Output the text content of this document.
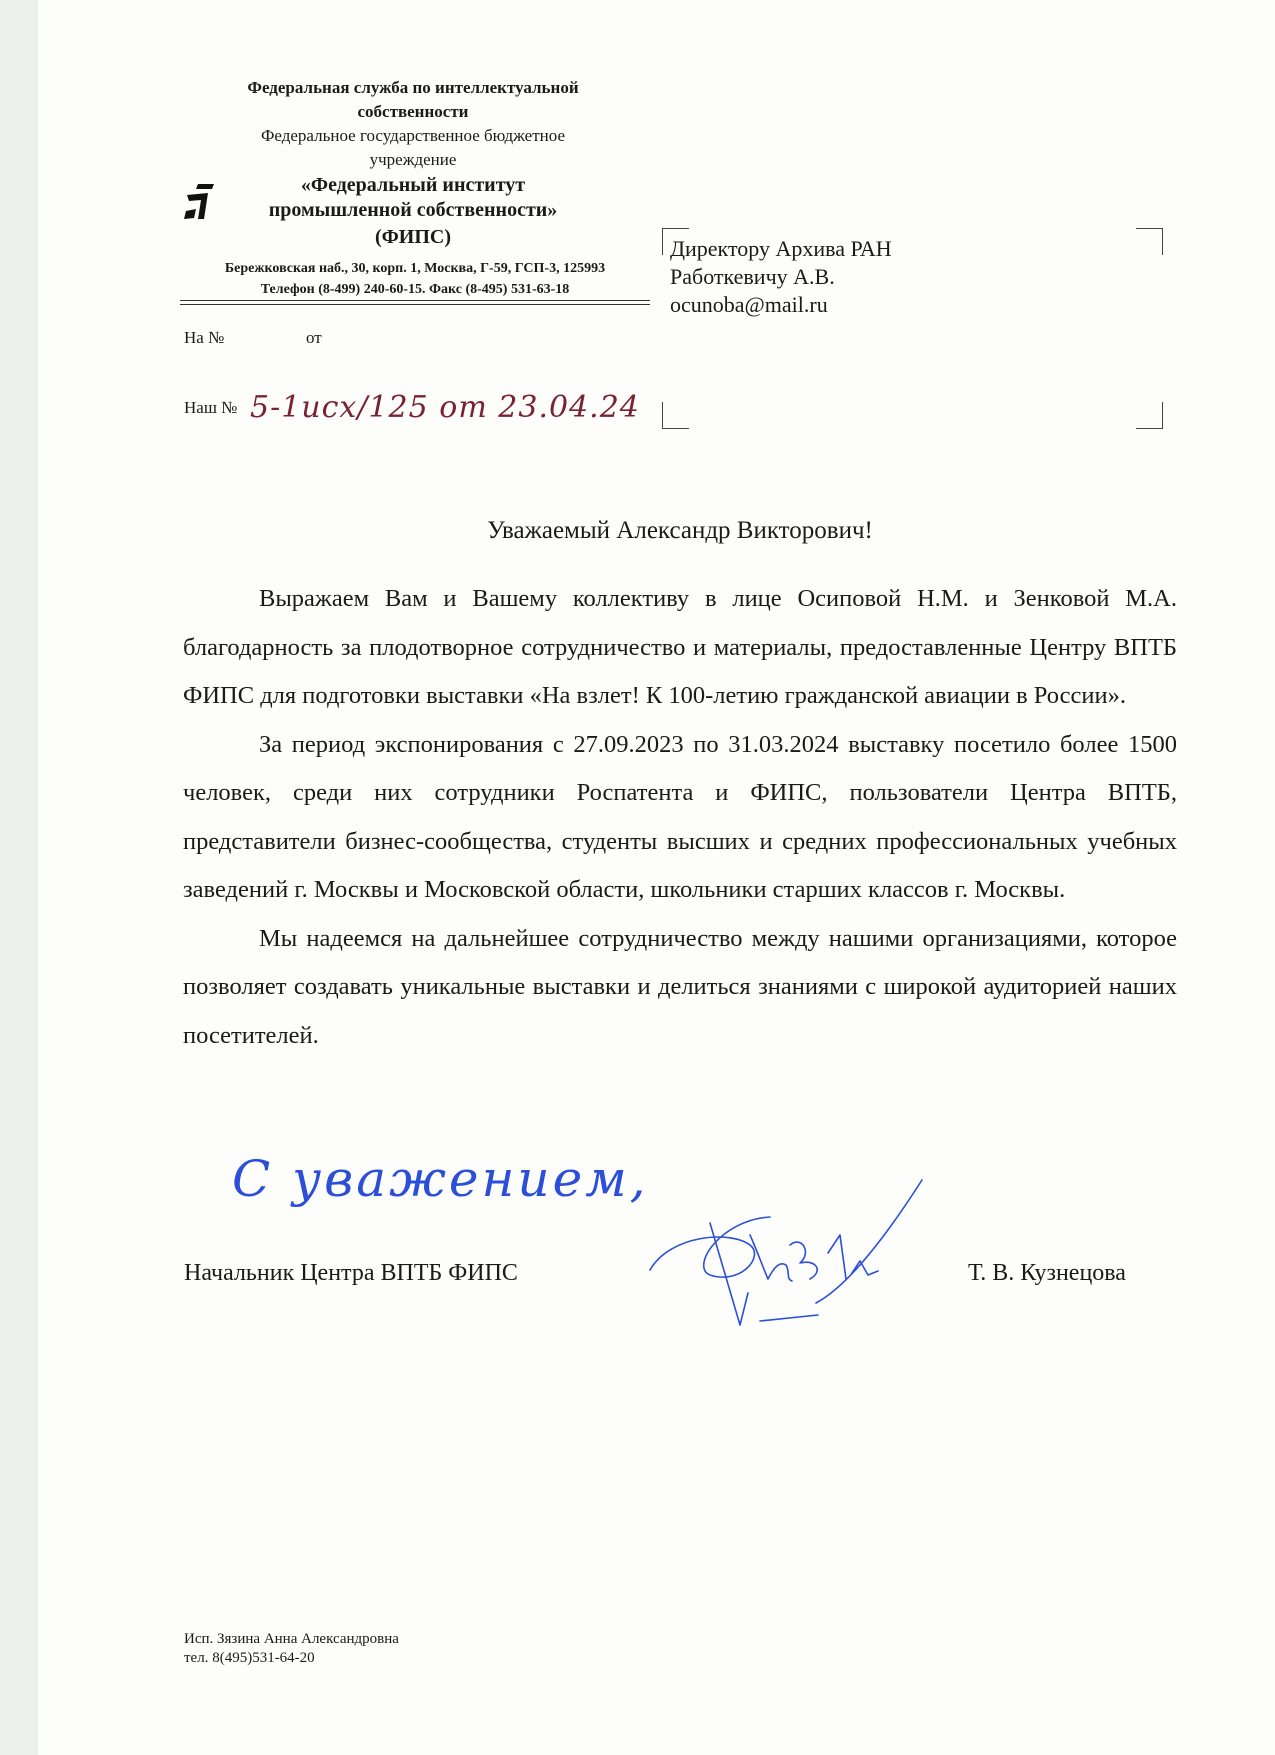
Федеральная служба по интеллектуальной
собственности
Федеральное государственное бюджетное
учреждение
«Федеральный институт
промышленной собственности»
(ФИПС)
Бережковская наб., 30, корп. 1, Москва, Г-59, ГСП-3, 125993
Телефон (8-499) 240-60-15. Факс (8-495) 531-63-18
На №	от
Наш № 5-1исх/125 от 23.04.24
Директору Архива РАН
Работкевичу А.В.
ocunoba@mail.ru
Уважаемый Александр Викторович!

Выражаем Вам и Вашему коллективу в лице Осиповой Н.М. и Зенковой М.А. благодарность за плодотворное сотрудничество и материалы, предоставленные Центру ВПТБ ФИПС для подготовки выставки «На взлет! К 100-летию гражданской авиации в России».

За период экспонирования с 27.09.2023 по 31.03.2024 выставку посетило более 1500 человек, среди них сотрудники Роспатента и ФИПС, пользователи Центра ВПТБ, представители бизнес-сообщества, студенты высших и средних профессиональных учебных заведений г. Москвы и Московской области, школьники старших классов г. Москвы.

Мы надеемся на дальнейшее сотрудничество между нашими организациями, которое позволяет создавать уникальные выставки и делиться знаниями с широкой аудиторией наших посетителей.

С уважением,
Начальник Центра ВПТБ ФИПС	Т. В. Кузнецова
Исп. Зязина Анна Александровна
тел. 8(495)531-64-20
